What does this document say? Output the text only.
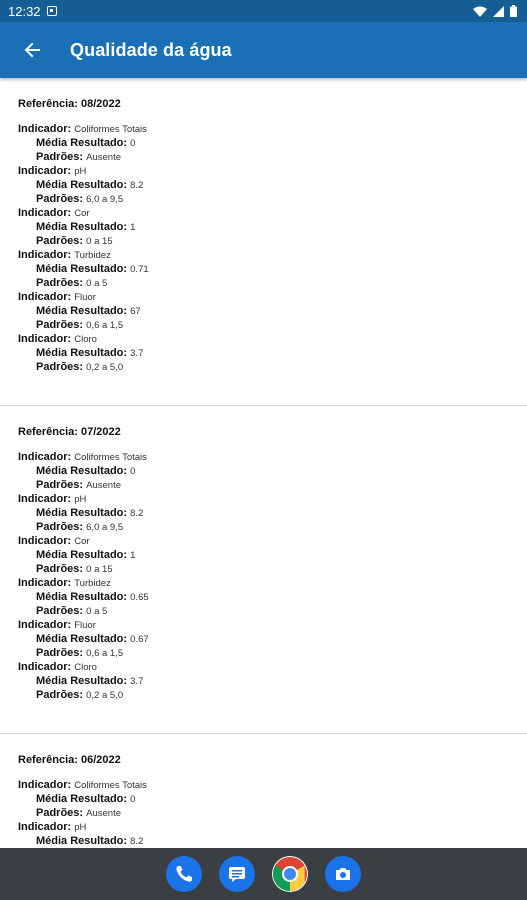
12:32
Qualidade da água
Referência: 08/2022
Indicador: Coliformes Totais
Média Resultado: 0
Padrões: Ausente
Indicador: pH
Média Resultado: 8.2
Padrões: 6,0 a 9,5
Indicador: Cor
Média Resultado: 1
Padrões: 0 a 15
Indicador: Turbidez
Média Resultado: 0.71
Padrões: 0 a 5
Indicador: Fluor
Média Resultado: 67
Padrões: 0,6 a 1,5
Indicador: Cloro
Média Resultado: 3.7
Padrões: 0,2 a 5,0
Referência: 07/2022
Indicador: Coliformes Totais
Média Resultado: 0
Padrões: Ausente
Indicador: pH
Média Resultado: 8.2
Padrões: 6,0 a 9,5
Indicador: Cor
Média Resultado: 1
Padrões: 0 a 15
Indicador: Turbidez
Média Resultado: 0.65
Padrões: 0 a 5
Indicador: Fluor
Média Resultado: 0.67
Padrões: 0,6 a 1,5
Indicador: Cloro
Média Resultado: 3.7
Padrões: 0,2 a 5,0
Referência: 06/2022
Indicador: Coliformes Totais
Média Resultado: 0
Padrões: Ausente
Indicador: pH
Média Resultado: 8.2
